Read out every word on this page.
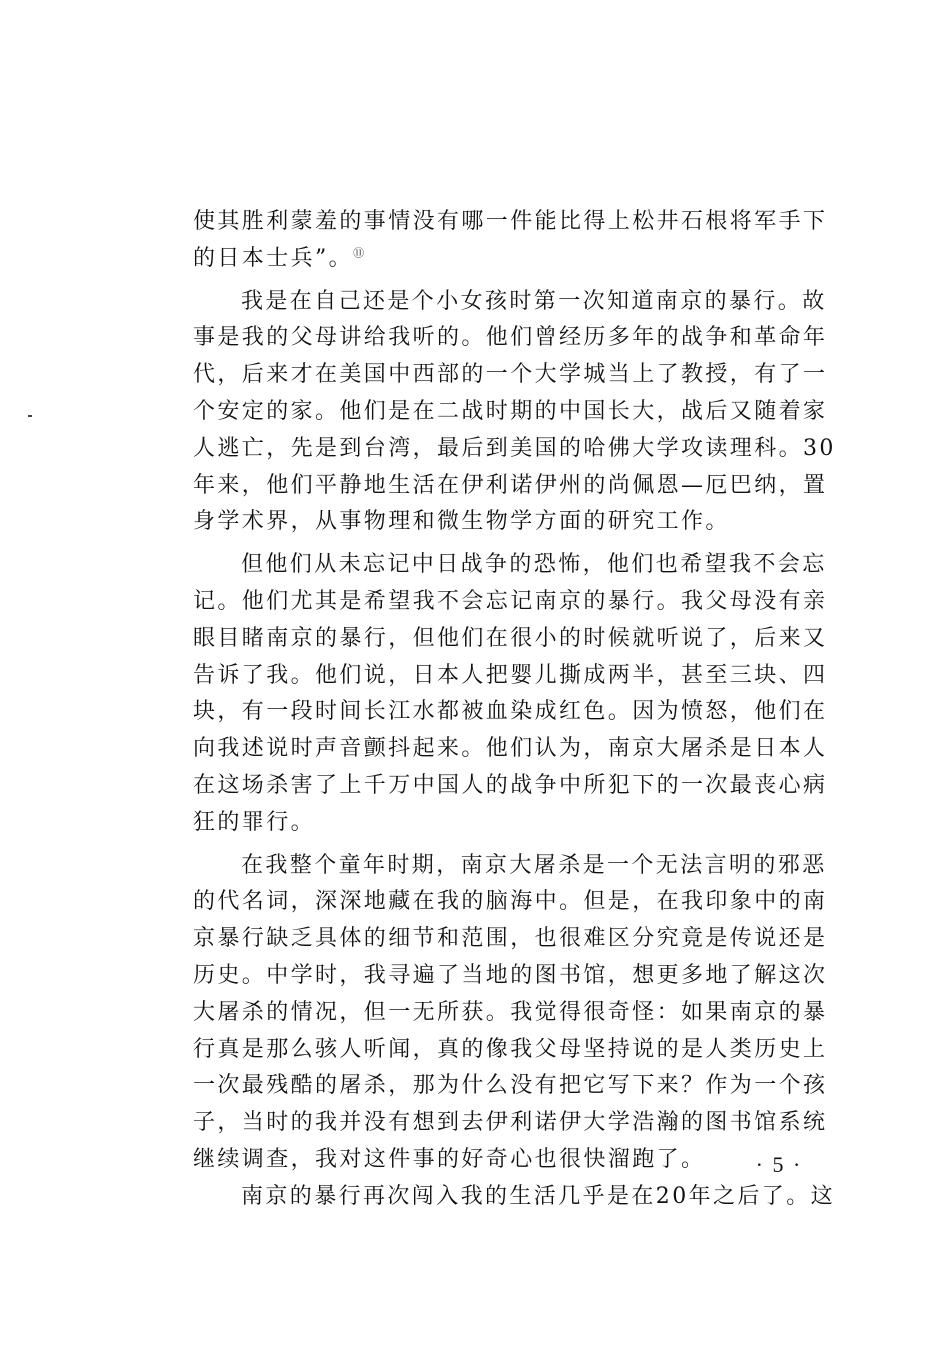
使其胜利蒙羞的事情没有哪一件能比得上松井石根将军手下
的日本士兵”。⑪
我是在自己还是个小女孩时第一次知道南京的暴行。故
事是我的父母讲给我听的。他们曾经历多年的战争和革命年
代，后来才在美国中西部的一个大学城当上了教授，有了一
个安定的家。他们是在二战时期的中国长大，战后又随着家
人逃亡，先是到台湾，最后到美国的哈佛大学攻读理科。30
年来，他们平静地生活在伊利诺伊州的尚佩恩—厄巴纳，置
身学术界，从事物理和微生物学方面的研究工作。
但他们从未忘记中日战争的恐怖，他们也希望我不会忘
记。他们尤其是希望我不会忘记南京的暴行。我父母没有亲
眼目睹南京的暴行，但他们在很小的时候就听说了，后来又
告诉了我。他们说，日本人把婴儿撕成两半，甚至三块、四
块，有一段时间长江水都被血染成红色。因为愤怒，他们在
向我述说时声音颤抖起来。他们认为，南京大屠杀是日本人
在这场杀害了上千万中国人的战争中所犯下的一次最丧心病
狂的罪行。
在我整个童年时期，南京大屠杀是一个无法言明的邪恶
的代名词，深深地藏在我的脑海中。但是，在我印象中的南
京暴行缺乏具体的细节和范围，也很难区分究竟是传说还是
历史。中学时，我寻遍了当地的图书馆，想更多地了解这次
大屠杀的情况，但一无所获。我觉得很奇怪：如果南京的暴
行真是那么骇人听闻，真的像我父母坚持说的是人类历史上
一次最残酷的屠杀，那为什么没有把它写下来？作为一个孩
子，当时的我并没有想到去伊利诺伊大学浩瀚的图书馆系统
继续调查，我对这件事的好奇心也很快溜跑了。
南京的暴行再次闯入我的生活几乎是在20年之后了。这
· 5 ·
